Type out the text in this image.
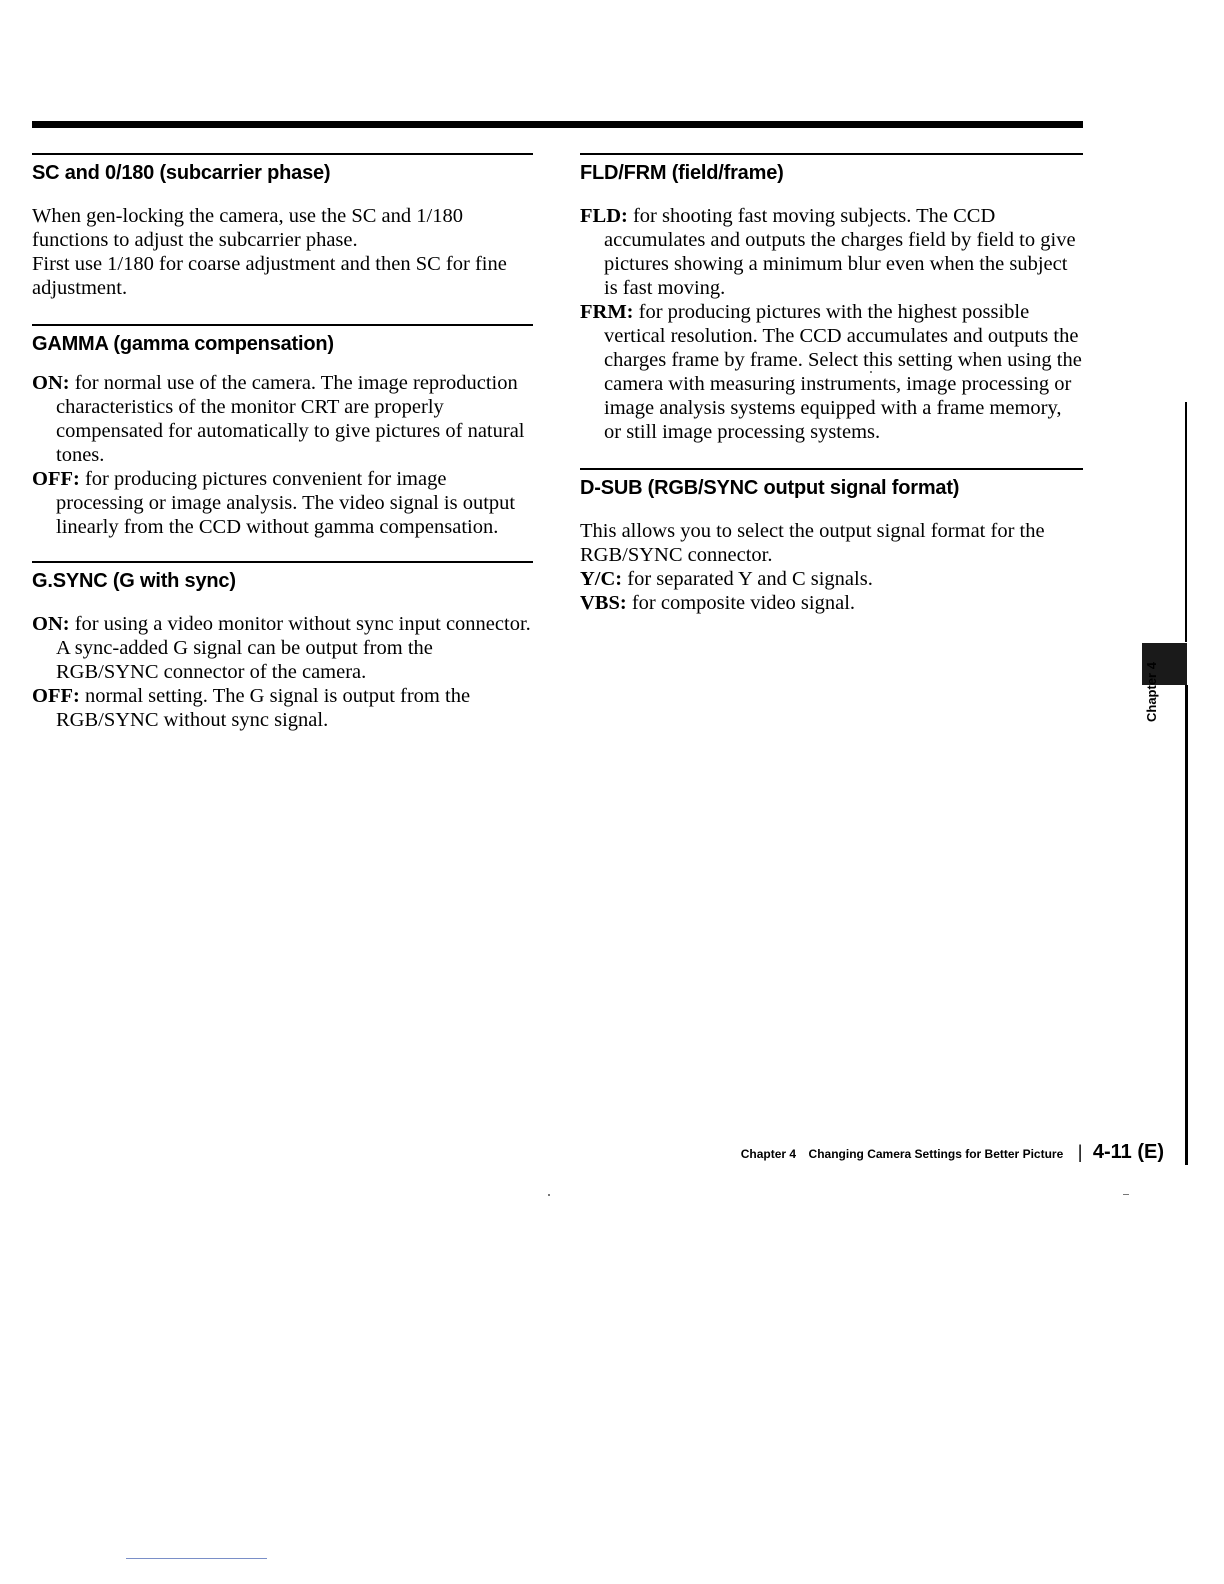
SC and 0/180 (subcarrier phase)

When gen-locking the camera, use the SC and 1/180 functions to adjust the subcarrier phase.

First use 1/180 for coarse adjustment and then SC for fine adjustment.

GAMMA (gamma compensation)

ON: for normal use of the camera. The image reproduction characteristics of the monitor CRT are properly compensated for automatically to give pictures of natural tones.

OFF: for producing pictures convenient for image processing or image analysis. The video signal is output linearly from the CCD without gamma compensation.

G.SYNC (G with sync)

ON: for using a video monitor without sync input connector. A sync-added G signal can be output from the RGB/SYNC connector of the camera.

OFF: normal setting. The G signal is output from the RGB/SYNC without sync signal.

FLD/FRM (field/frame)

FLD: for shooting fast moving subjects. The CCD accumulates and outputs the charges field by field to give pictures showing a minimum blur even when the subject is fast moving.

FRM: for producing pictures with the highest possible vertical resolution. The CCD accumulates and outputs the charges frame by frame. Select this setting when using the camera with measuring instruments, image processing or image analysis systems equipped with a frame memory, or still image processing systems.

D-SUB (RGB/SYNC output signal format)

This allows you to select the output signal format for the RGB/SYNC connector.

Y/C: for separated Y and C signals.

VBS: for composite video signal.

Chapter 4
Chapter 4 Changing Camera Settings for Better Picture | 4-11 (E)
